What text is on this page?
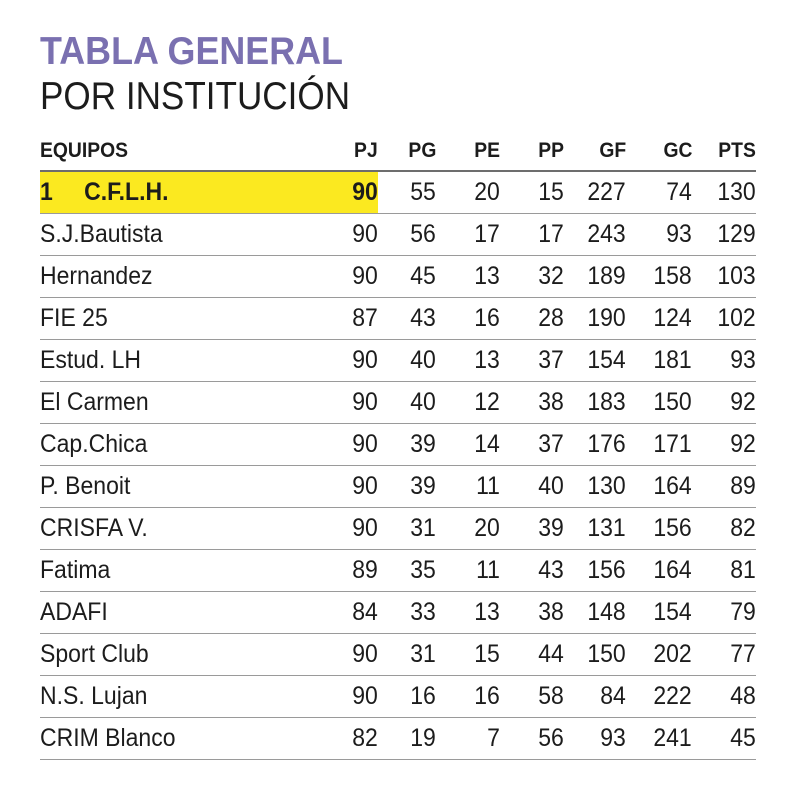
TABLA GENERAL
POR INSTITUCIÓN
EQUIPOS	PJ	PG	PE	PP	GF	GC	PTS
1 C.F.L.H.	90	55	20	15	227	74	130
S.J.Bautista	90	56	17	17	243	93	129
Hernandez	90	45	13	32	189	158	103
FIE 25	87	43	16	28	190	124	102
Estud. LH	90	40	13	37	154	181	93
El Carmen	90	40	12	38	183	150	92
Cap.Chica	90	39	14	37	176	171	92
P. Benoit	90	39	11	40	130	164	89
CRISFA V.	90	31	20	39	131	156	82
Fatima	89	35	11	43	156	164	81
ADAFI	84	33	13	38	148	154	79
Sport Club	90	31	15	44	150	202	77
N.S. Lujan	90	16	16	58	84	222	48
CRIM Blanco	82	19	7	56	93	241	45
